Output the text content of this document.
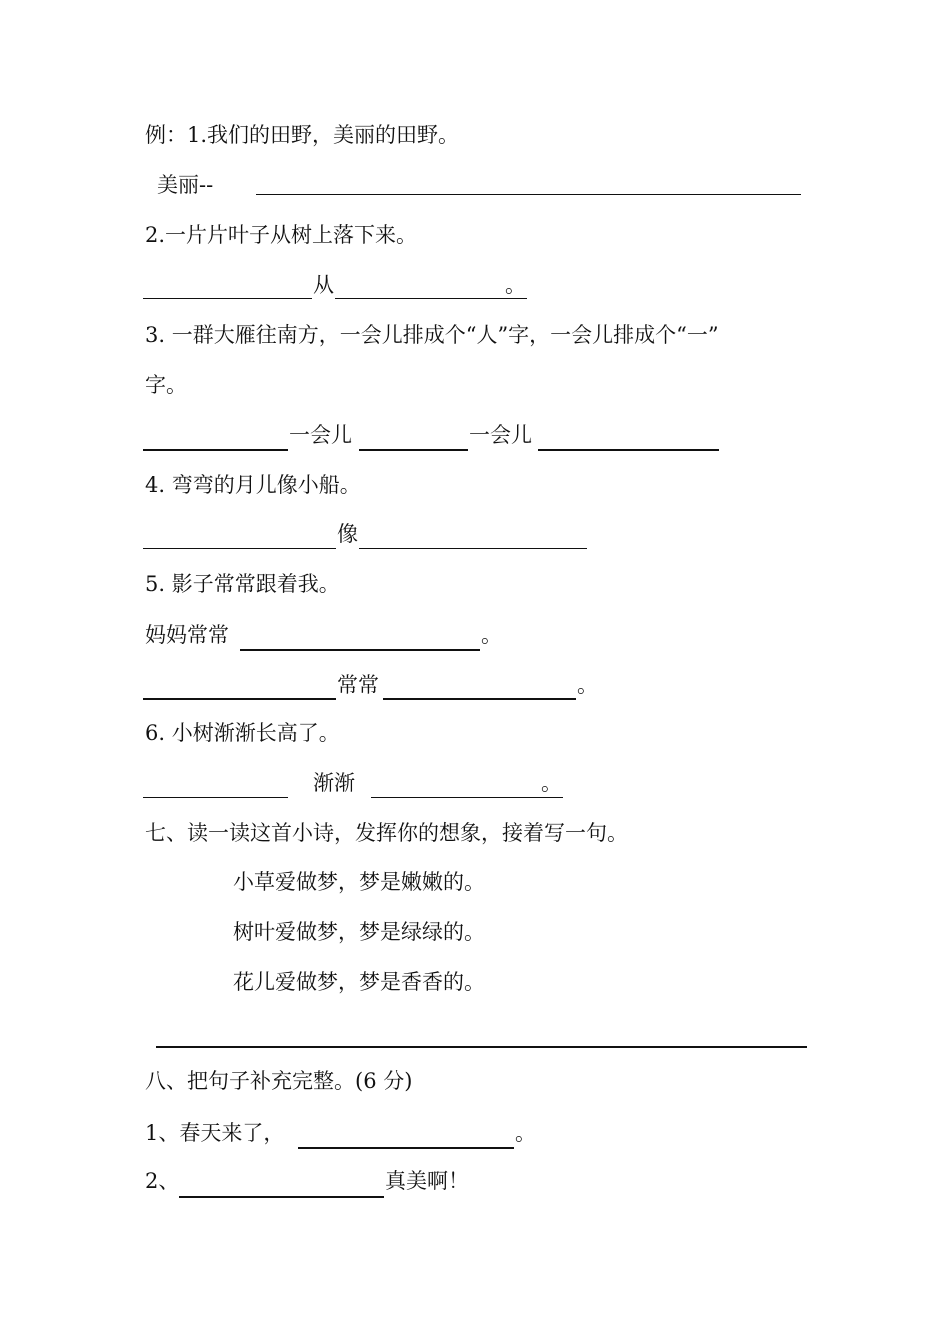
例：1.我们的田野，美丽的田野。
美丽--
2.一片片叶子从树上落下来。
从	。
3. 一群大雁往南方，一会儿排成个“人”字，一会儿排成个“一”
字。
一会儿	一会儿
4. 弯弯的月儿像小船。
像
5. 影子常常跟着我。
妈妈常常	。
常常	。
6. 小树渐渐长高了。
渐渐	。
七、读一读这首小诗，发挥你的想象，接着写一句。
小草爱做梦，梦是嫩嫩的。
树叶爱做梦，梦是绿绿的。
花儿爱做梦，梦是香香的。
八、把句子补充完整。(6 分)
1、春天来了，	。
2、	真美啊！
